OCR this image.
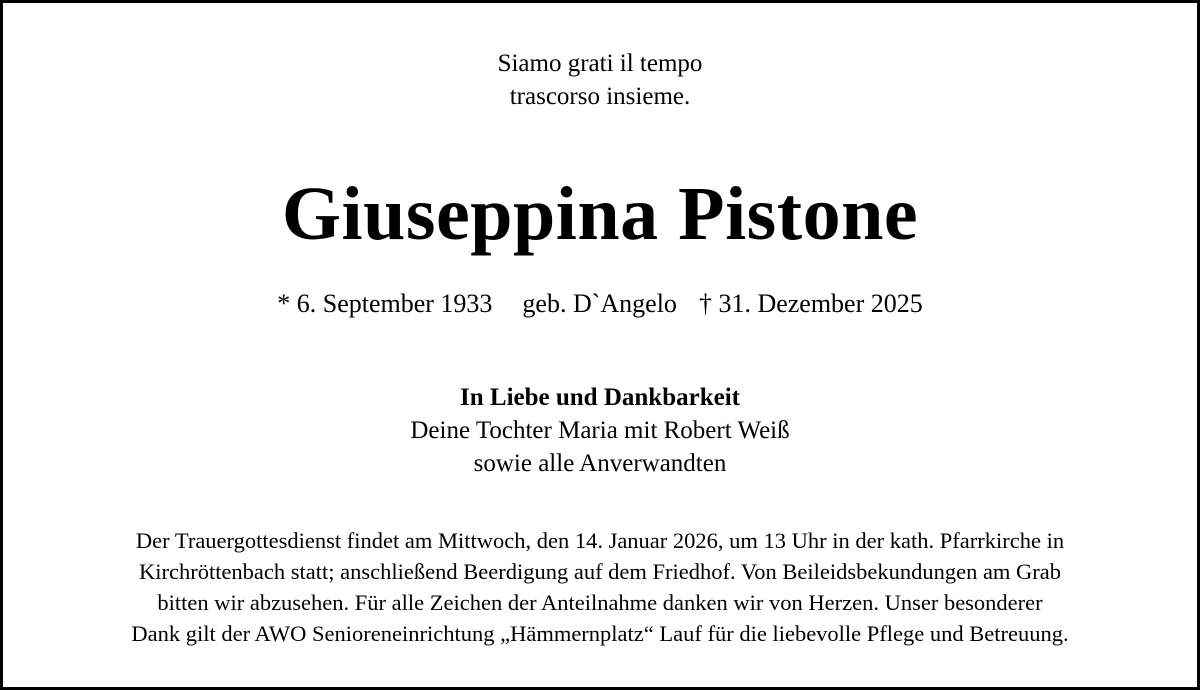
Siamo grati il tempo
trascorso insieme.
Giuseppina Pistone
* 6. September 1933 geb. D`Angelo † 31. Dezember 2025
In Liebe und Dankbarkeit
Deine Tochter Maria mit Robert Weiß
sowie alle Anverwandten
Der Trauergottesdienst findet am Mittwoch, den 14. Januar 2026, um 13 Uhr in der kath. Pfarrkirche in
Kirchröttenbach statt; anschließend Beerdigung auf dem Friedhof. Von Beileidsbekundungen am Grab
bitten wir abzusehen. Für alle Zeichen der Anteilnahme danken wir von Herzen. Unser besonderer
Dank gilt der AWO Senioreneinrichtung „Hämmernplatz“ Lauf für die liebevolle Pflege und Betreuung.
